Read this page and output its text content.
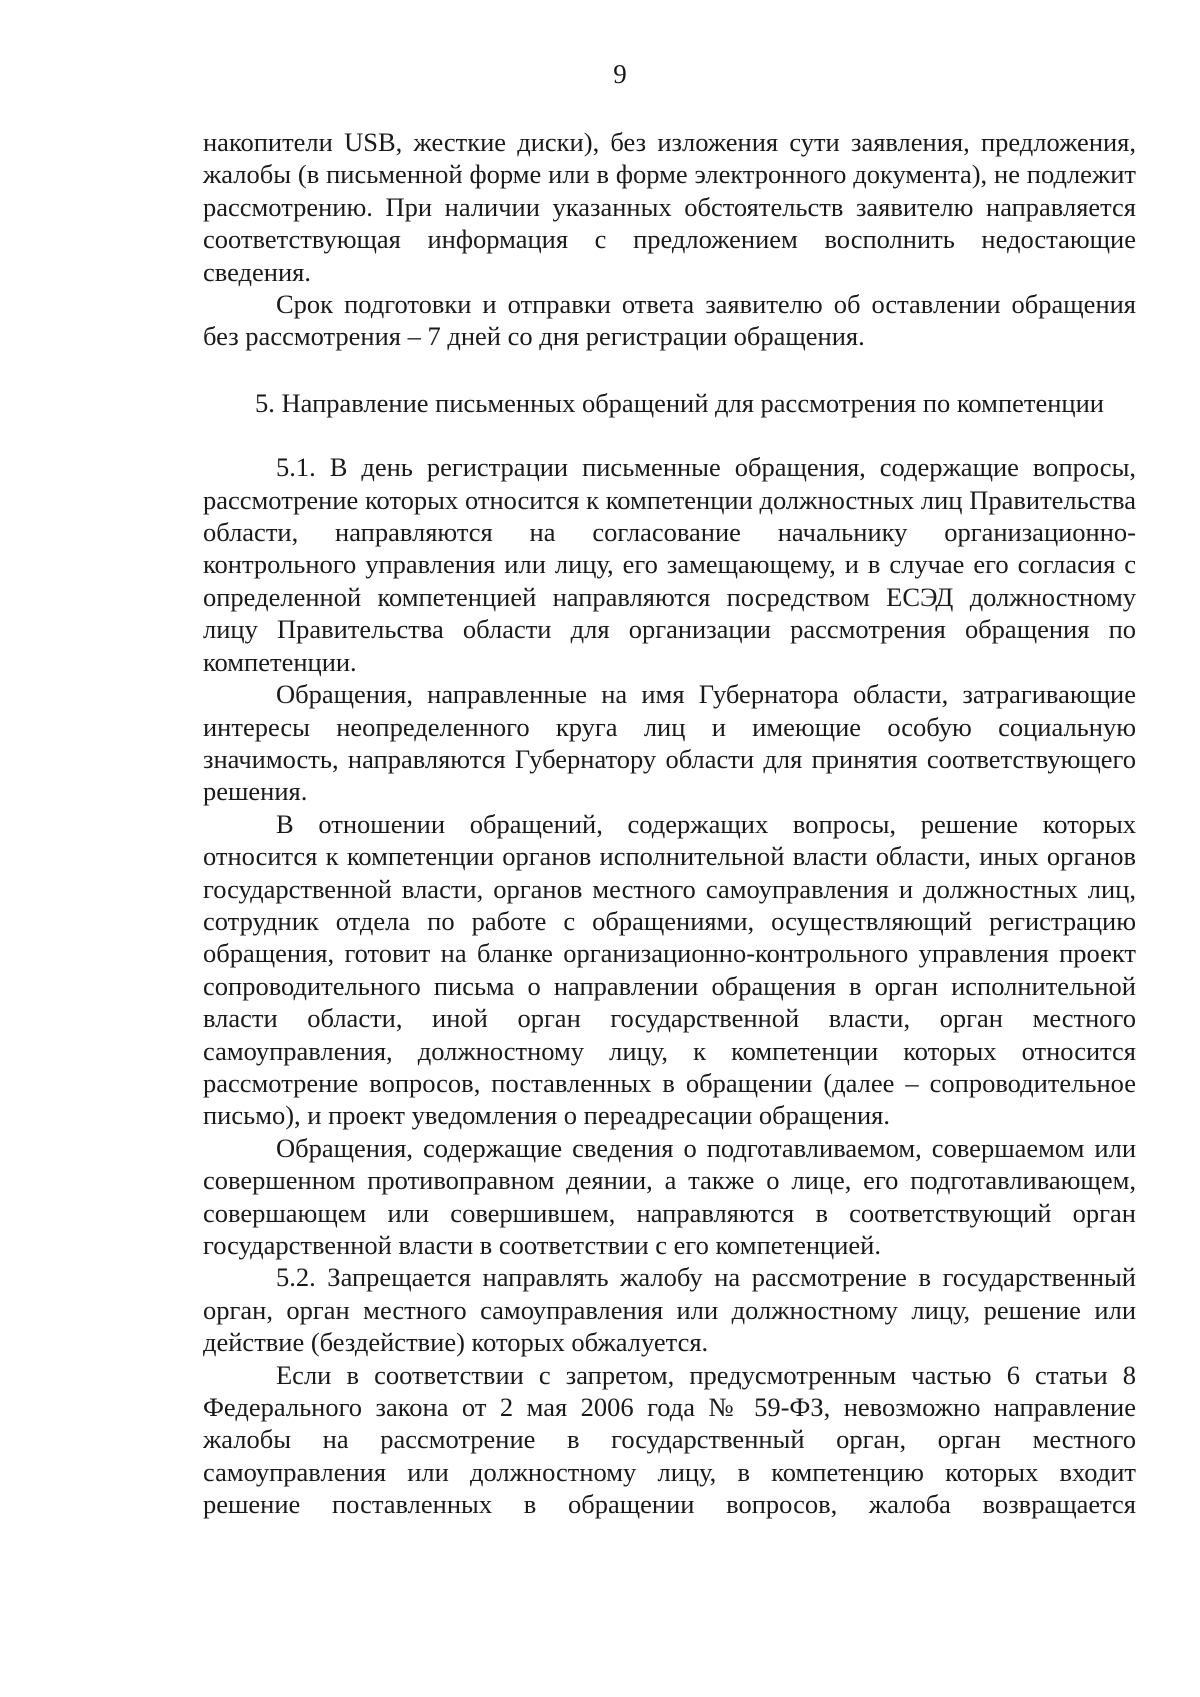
9

накопители USB, жесткие диски), без изложения сути заявления, предложения, жалобы (в письменной форме или в форме электронного документа), не подлежит рассмотрению. При наличии указанных обстоятельств заявителю направляется соответствующая информация с предложением восполнить недостающие сведения.

Срок подготовки и отправки ответа заявителю об оставлении обращения без рассмотрения – 7 дней со дня регистрации обращения.

5. Направление письменных обращений для рассмотрения по компетенции

5.1. В день регистрации письменные обращения, содержащие вопросы, рассмотрение которых относится к компетенции должностных лиц Правительства области, направляются на согласование начальнику организационно-контрольного управления или лицу, его замещающему, и в случае его согласия с определенной компетенцией направляются посредством ЕСЭД должностному лицу Правительства области для организации рассмотрения обращения по компетенции.

Обращения, направленные на имя Губернатора области, затрагивающие интересы неопределенного круга лиц и имеющие особую социальную значимость, направляются Губернатору области для принятия соответствующего решения.

В отношении обращений, содержащих вопросы, решение которых относится к компетенции органов исполнительной власти области, иных органов государственной власти, органов местного самоуправления и должностных лиц, сотрудник отдела по работе с обращениями, осуществляющий регистрацию обращения, готовит на бланке организационно-контрольного управления проект сопроводительного письма о направлении обращения в орган исполнительной власти области, иной орган государственной власти, орган местного самоуправления, должностному лицу, к компетенции которых относится рассмотрение вопросов, поставленных в обращении (далее – сопроводительное письмо), и проект уведомления о переадресации обращения.

Обращения, содержащие сведения о подготавливаемом, совершаемом или совершенном противоправном деянии, а также о лице, его подготавливающем, совершающем или совершившем, направляются в соответствующий орган государственной власти в соответствии с его компетенцией.

5.2. Запрещается направлять жалобу на рассмотрение в государственный орган, орган местного самоуправления или должностному лицу, решение или действие (бездействие) которых обжалуется.

Если в соответствии с запретом, предусмотренным частью 6 статьи 8 Федерального закона от 2 мая 2006 года № 59-ФЗ, невозможно направление жалобы на рассмотрение в государственный орган, орган местного самоуправления или должностному лицу, в компетенцию которых входит решение поставленных в обращении вопросов, жалоба возвращается
